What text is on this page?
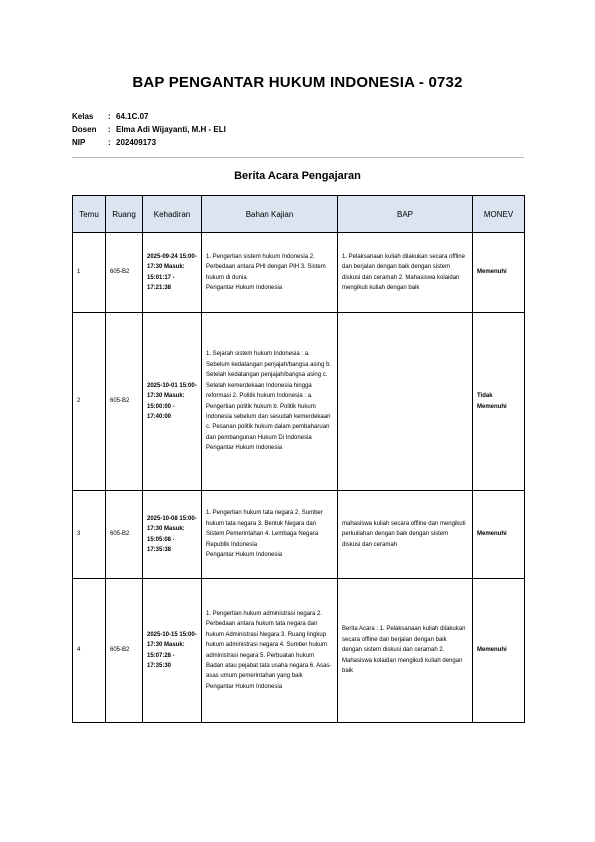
BAP PENGANTAR HUKUM INDONESIA - 0732
Kelas	: 64.1C.07
Dosen	: Elma Adi Wijayanti, M.H - ELI
NIP	: 202409173
Berita Acara Pengajaran
Temu	Ruang	Kehadiran	Bahan Kajian	BAP	MONEV
1	605-B2	2025-09-24 15:00-17:30 Masuk: 15:01:17 - 17:21:38	1. Pengertian sistem hukum Indonesia 2. Perbedaan antara PHI dengan PIH 3. Sistem hukum di dunia
Pengantar Hukum Indonesia	1. Pelaksanaan kuliah dilakukan secara offline dan berjalan dengan baik dengan sistem diskusi dan ceramah 2. Mahasiswa kolaidan mengikuti kuliah dengan baik	Memenuhi
2	605-B2	2025-10-01 15:00-17:30 Masuk: 15:00:00 - 17:40:00	1. Sejarah sistem hukum Indonesia : a. Sebelum kedatangan penjajah/bangsa asing b. Setelah kedatangan penjajah/bangsa asing c. Setelah kemerdekaan Indonesia hingga reformasi 2. Politik hukum Indonesia : a. Pengertian politik hukum b. Politik hukum Indonesia sebelum dan sesudah kemerdekaan c. Pesanan politik hukum dalam pembaharuan dan pembangunan Hukum Di Indonesia
Pengantar Hukum Indonesia		Tidak Memenuhi
3	605-B2	2025-10-08 15:00-17:30 Masuk: 15:05:08 - 17:35:38	1. Pengertian hukum tata negara 2. Sumber hukum tata negara 3. Bentuk Negara dan Sistem Pemerintahan 4. Lembaga Negara Republik Indonesia
Pengantar Hukum Indonesia	mahasiswa kuliah secara offline dan mengikuti perkuliahan dengan baik dengan sistem diskusi dan ceramah	Memenuhi
4	605-B2	2025-10-15 15:00-17:30 Masuk: 15:07:28 - 17:35:30	1. Pengertian hukum administrasi negara 2. Perbedaan antara hukum tata negara dan hukum Administrasi Negara 3. Ruang lingkup hukum administrasi negara 4. Sumber hukum administrasi negara 5. Perbuatan hukum Badan atau pejabat tata usaha negara 6. Asas-asas umum pemerintahan yang baik
Pengantar Hukum Indonesia	Berita Acara : 1. Pelaksanaan kuliah dilakukan secara offline dan berjalan dengan baik dengan sistem diskusi dan ceramah 2. Mahasiswa kolaidan mengikuti kuliah dengan baik	Memenuhi
